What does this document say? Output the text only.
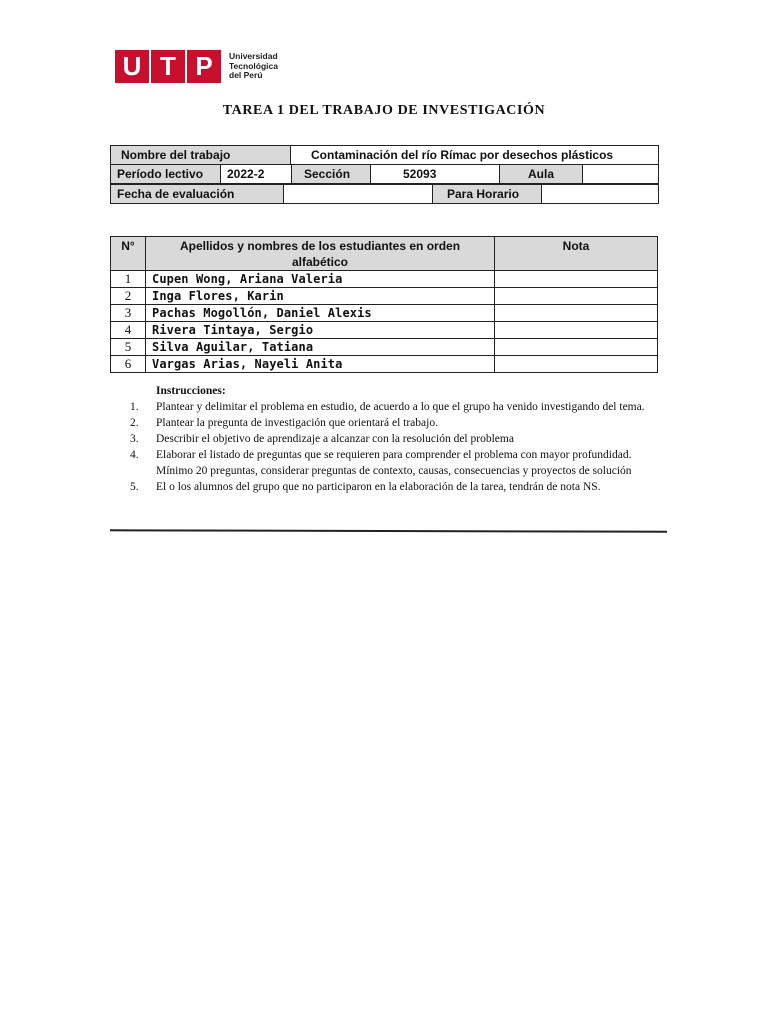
U T P	Universidad
Tecnológica
del Perú
TAREA 1 DEL TRABAJO DE INVESTIGACIÓN
Nombre del trabajo	Contaminación del río Rímac por desechos plásticos
Período lectivo	2022-2	Sección	52093	Aula	
Fecha de evaluación		Para Horario	
N°	Apellidos y nombres de los estudiantes en orden alfabético	Nota
1	Cupen Wong, Ariana Valeria	
2	Inga Flores, Karin	
3	Pachas Mogollón, Daniel Alexis	
4	Rivera Tintaya, Sergio	
5	Silva Aguilar, Tatiana	
6	Vargas Arias, Nayeli Anita	
Instrucciones:
1.	Plantear y delimitar el problema en estudio, de acuerdo a lo que el grupo ha venido investigando del tema.
2.	Plantear la pregunta de investigación que orientará el trabajo.
3.	Describir el objetivo de aprendizaje a alcanzar con la resolución del problema
4.	Elaborar el listado de preguntas que se requieren para comprender el problema con mayor profundidad. Mínimo 20 preguntas, considerar preguntas de contexto, causas, consecuencias y proyectos de solución
5.	El o los alumnos del grupo que no participaron en la elaboración de la tarea, tendrán de nota NS.
